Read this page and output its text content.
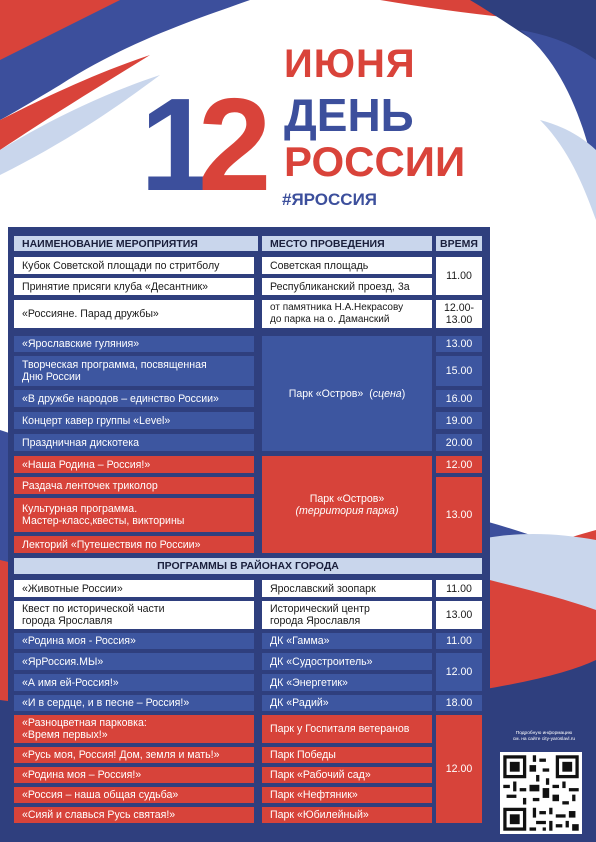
1
2
ИЮНЯ
ДЕНЬ
РОССИИ
#ЯРОССИЯ
НАИМЕНОВАНИЕ МЕРОПРИЯТИЯ	МЕСТО ПРОВЕДЕНИЯ	ВРЕМЯ
Кубок Советской площади по стритболу
Принятие присяги клуба «Десантник»
«Россияне. Парад дружбы»
«Ярославские гуляния»
Творческая программа, посвященная
Дню России
«В дружбе народов – единство России»
Концерт кавер группы «Level»
Праздничная дискотека
«Наша Родина – Россия!»
Раздача ленточек триколор
Культурная программа.
Мастер-класс,квесты, викторины
Лекторий «Путешествия по России»
Советская площадь
Республиканский проезд, 3а
от памятника Н.А.Некрасову
до парка на о. Даманский
Парк «Остров»  ( сцена )
Парк «Остров»
(территория парка)
11.00
12.00-
13.00
13.00
15.00
16.00
19.00
20.00
12.00
13.00
ПРОГРАММЫ В РАЙОНАХ ГОРОДА
«Животные России»
Квест по исторической части
города Ярославля
«Родина моя - Россия»
«ЯрРоссия.МЫ»
«А имя ей-Россия!»
«И в сердце, и в песне – Россия!»
«Разноцветная парковка:
«Время первых!»
«Русь моя, Россия! Дом, земля и мать!»
«Родина моя – Россия!»
«Россия – наша общая судьба»
«Сияй и славься Русь святая!»
Ярославский зоопарк
Исторический центр
города Ярославля
ДК «Гамма»
ДК «Судостроитель»
ДК «Энергетик»
ДК «Радий»
Парк у Госпиталя ветеранов
Парк Победы
Парк «Рабочий сад»
Парк «Нефтяник»
Парк «Юбилейный»
11.00
13.00
11.00
12.00
18.00
12.00
Подробную информацию
см. на сайте city-yaroslavl.ru
